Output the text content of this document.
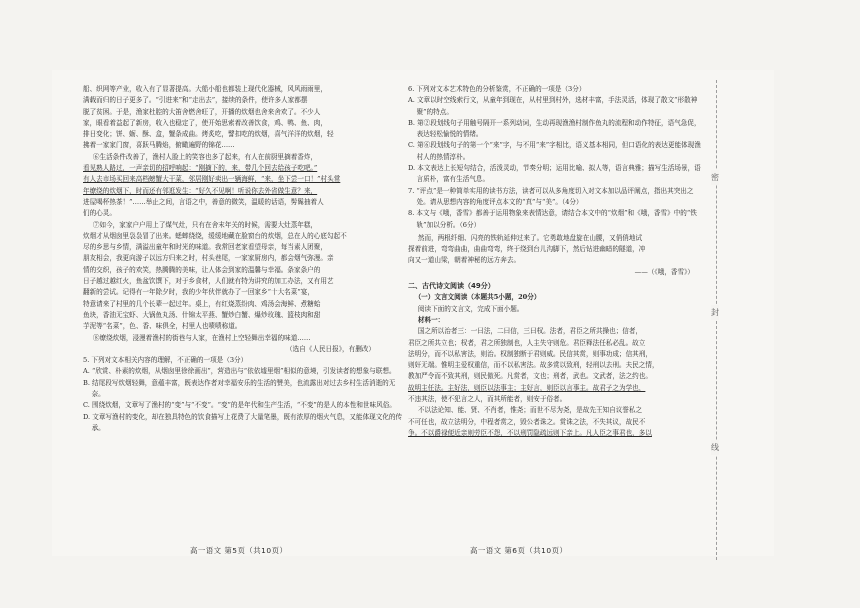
船、织网等产业，收入有了显著提高。大船小船也都装上现代化器械，风风雨雨里，

满载而归的日子更多了。“引进来”和“走出去”，接续的条件，使许多人家都摆

脱了贫困。于是，渔家杜腔的大笛舍燃舍旺了，开播的炊烟也舍来舍欢了。不少人

家，眼看着益起了新房，收入也稳定了，使开始思索着改善饮食，鸡、鸭、鱼、肉，

排日变化；饼、蛎、酥、盒，蟹条成曲。烤炙吃，譬扣吃的炊烟，喜气洋洋的炊烟，轻

拂着一家家门窗，喜跃马腾焰，俯瞰遍野的锦花……

⑥生活条件改善了，渔村人脸上的笑容也多了起来，有人在前厨里摘着香炸，

看见熟人路过，一声亲切的招呼响起：“刚摘下的，来，带几个回去给孩子吃吧。”

有人去市场买回来高档螃蟹大干菜，邻居刚好卖出一辆海鲜，“来，坐下尝一口！”村头常

年缭绕的炊烟下，时而还有邻逛发生：“好久不见啊！听说你去外省做生意？来，

进屋喝杯热茶！”……举止之间，言语之中，善意的微笑，温暖的话语，髣髴抽着人

们的心灵。

⑦如今，家家户户用上了煤气灶，只有在舍末年关的时候，需要大灶蒸年糕，

炊烟才从烟囱里袅袅冒了出来。蟋蟀绕绕，缓缓地藏在脸窗台的炊烟，总在人的心底勾起不

尽的乡思与乡情，满溢出童年和时光的味道。我常回老家看望母亲，每当素人团聚，

朋友相会，我更向游子以远方归来之时，村头巷尾，一家家厨房内，都会烟气弥漫。亲

情的交织，孩子的欢笑，热腾腾的美味，让人体会到家的温馨与幸福。条家条户的

日子越过越红火，鱼盆饮馔下，对于乡食材，人们就有特为讲究的加工办法，又有用艺

翻新的尝试。记得有一年除夕时，我的少年伙伴就办了一回家乡“十大名菜”宴，

特意请来了村里的几个长辈一起过年。桌上，有红烧蒸纷肉、鸡汤会海鲜、煮糖蛤

鱼块，香油无宝虾、大锅鱼丸汤、什锦太平燕、蟹炒白蟹、爆炒玫瑰、篮枝肉和甜

芋泥等“名菜”，色、香、味俱全，村里人也啧啧称道。

⑧缭绕炊烟，浸漫着渔村的街巷与人家，在渔村上空轻舞出幸福的味道……

（选自《人民日报》，有删改）

5. 下列对文本相关内容的理解，不正确的一项是（3分）

A. “欣赏、朴素的炊烟，从烟囱里徐徐画出”，营造出与“依依墟里烟”相似的意境，引发读者的想象与联想。

B. 结尾段写炊烟轻舞，意蕴丰富，既表达作者对幸福安乐的生活的赞美，也流露出对过去乡村生活消逝的无奈。

C. 围绕炊烟，文章写了渔村的“变”与“不变”。“变”的是年代和生产生活，“不变”的是人的本性和世味风俗。

D. 文章写渔村的变化，却在独具特色的饮食描写上花费了大量笔墨，既有浓厚的烟火气息，又能体现文化的传承。

6. 下列对文本艺术特色的分析鉴赏，不正确的一项是（3分）

A. 文章以时空线索行文，从童年到现在，从村里到村外，选材丰富，手法灵活，体现了散文“形散神聚”的特点。

B. 第②段划线句子用触号隔开一系列动词，生动再现渔渔村制作鱼丸的流程和动作特征，语气急促，表达轻松愉悦的情绪。

C. 第⑥段划线句子的第一个“来”字，与不用“来”字相比，语义基本相同，但口语化的表达更能体现渔村人的热情淳朴。

D. 本文表达上长短句结合，活泼灵动，节奏分明；运用比喻、拟人等，语言典雅；描写生活场景，语言质朴，富有生活气息。

7. “评点”是一种简单实用的读书方法，读者可以从多角度切入对文本加以品评阐点，指出其突出之处。请从思想内容的角度评点本文的“真”与“美”。（4分）

8. 本文与《哦，香雪》都善于运用物象来表情达意，请结合本文中的“炊烟”和《哦，香雪》中的“铁轨”加以分析。（6分）

然而，两根纤细、闪亮的铁轨延伸过来了。它勇敢地盘旋在山腰，又俏俏地试

探着前进，弯弯曲曲，曲曲弯弯，终于绕到台儿沟脚下，然后钻进幽暗的隧道，冲

向又一道山梁，朝着神秘的远方奔去。

——（《哦，香雪》）

二、古代诗文阅读（49分）

（一）文言文阅读（本题共5小题，20分）

阅读下面的文言文，完成下面小题。

材料一：

国之所以治者三：一曰法，二曰信，三曰权。法者，君臣之所共操也；信者，

君臣之所共立也；权者，君之所独制也，人主失守则危。君臣释法任私必乱。故立

法明分，而不以私害法，则治。权制独断于君则威。民信其赏，则事功成；信其刑，

则奸无端。惟明主爱权重信，而不以私害法。故多赏以致刑，轻刑以去刑。夫民之情，

教加严令而不致其刑，则民傲死。凡赏者，文也；刑者，武也。文武者，法之约也。

故明主任法。主好法，则臣以法事主；主好言，则臣以言事主。故君子之为学也，

不违其法，使不犯言之人，而其所能者，则安于俗者。

不以法论知、能、贤、不肖者，惟尧；而世不尽为尧，是故先王知自议誉私之

不可任也，故立法明分，中程者赏之，毁公者诛之。赏诛之法，不失其议，故民不

争。不以爵禄便近亲则劳臣不怨，不以刑罚隐疏远则下亲上。凡人臣之事君也，多以

高一语文 第5页（共10页）	高一语文 第6页（共10页）
密
封
线
